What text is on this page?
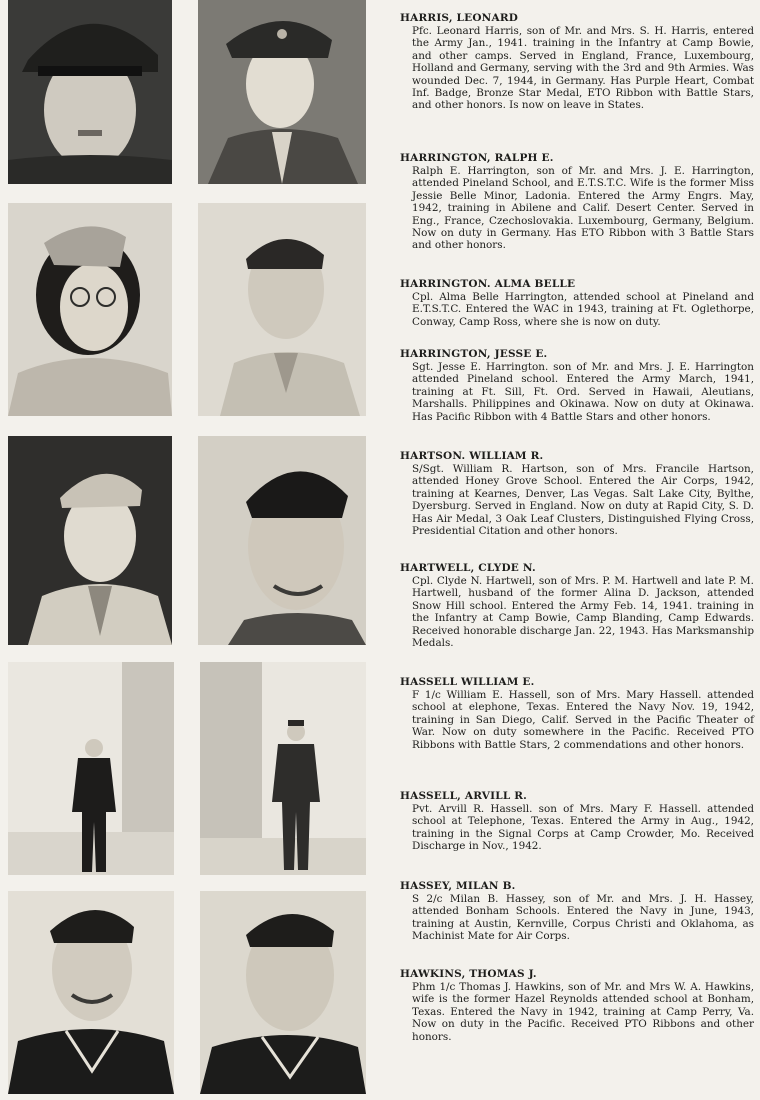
HARRIS, LEONARD

Pfc. Leonard Harris, son of Mr. and Mrs. S. H. Harris, entered the Army Jan., 1941. training in the Infantry at Camp Bowie, and other camps. Served in England, France, Luxembourg, Holland and Germany, serving with the 3rd and 9th Armies. Was wounded Dec. 7, 1944, in Germany. Has Purple Heart, Combat Inf. Badge, Bronze Star Medal, ETO Ribbon with Battle Stars, and other honors. Is now on leave in States.

HARRINGTON, RALPH E.

Ralph E. Harrington, son of Mr. and Mrs. J. E. Harrington, attended Pineland School, and E.T.S.T.C. Wife is the former Miss Jessie Belle Minor, Ladonia. Entered the Army Engrs. May, 1942, training in Abilene and Calif. Desert Center. Served in Eng., France, Czechoslovakia. Luxembourg, Germany, Belgium. Now on duty in Germany. Has ETO Ribbon with 3 Battle Stars and other honors.

HARRINGTON. ALMA BELLE

Cpl. Alma Belle Harrington, attended school at Pineland and E.T.S.T.C. Entered the WAC in 1943, training at Ft. Oglethorpe, Conway, Camp Ross, where she is now on duty.

HARRINGTON, JESSE E.

Sgt. Jesse E. Harrington. son of Mr. and Mrs. J. E. Harrington attended Pineland school. Entered the Army March, 1941, training at Ft. Sill, Ft. Ord. Served in Hawaii, Aleutians, Marshalls. Philippines and Okinawa. Now on duty at Okinawa. Has Pacific Ribbon with 4 Battle Stars and other honors.

HARTSON. WILLIAM R.

S/Sgt. William R. Hartson, son of Mrs. Francile Hartson, attended Honey Grove School. Entered the Air Corps, 1942, training at Kearnes, Denver, Las Vegas. Salt Lake City, Bylthe, Dyersburg. Served in England. Now on duty at Rapid City, S. D. Has Air Medal, 3 Oak Leaf Clusters, Distinguished Flying Cross, Presidential Citation and other honors.

HARTWELL, CLYDE N.

Cpl. Clyde N. Hartwell, son of Mrs. P. M. Hartwell and late P. M. Hartwell, husband of the former Alina D. Jackson, attended Snow Hill school. Entered the Army Feb. 14, 1941. training in the Infantry at Camp Bowie, Camp Blanding, Camp Edwards. Received honorable discharge Jan. 22, 1943. Has Marksmanship Medals.

HASSELL WILLIAM E.

F 1/c William E. Hassell, son of Mrs. Mary Hassell. attended school at elephone, Texas. Entered the Navy Nov. 19, 1942, training in San Diego, Calif. Served in the Pacific Theater of War. Now on duty somewhere in the Pacific. Received PTO Ribbons with Battle Stars, 2 commendations and other honors.

HASSELL, ARVILL R.

Pvt. Arvill R. Hassell. son of Mrs. Mary F. Hassell. attended school at Telephone, Texas. Entered the Army in Aug., 1942, training in the Signal Corps at Camp Crowder, Mo. Received Discharge in Nov., 1942.

HASSEY, MILAN B.

S 2/c Milan B. Hassey, son of Mr. and Mrs. J. H. Hassey, attended Bonham Schools. Entered the Navy in June, 1943, training at Austin, Kernville, Corpus Christi and Oklahoma, as Machinist Mate for Air Corps.

HAWKINS, THOMAS J.

Phm 1/c Thomas J. Hawkins, son of Mr. and Mrs W. A. Hawkins, wife is the former Hazel Reynolds attended school at Bonham, Texas. Entered the Navy in 1942, training at Camp Perry, Va. Now on duty in the Pacific. Received PTO Ribbons and other honors.
